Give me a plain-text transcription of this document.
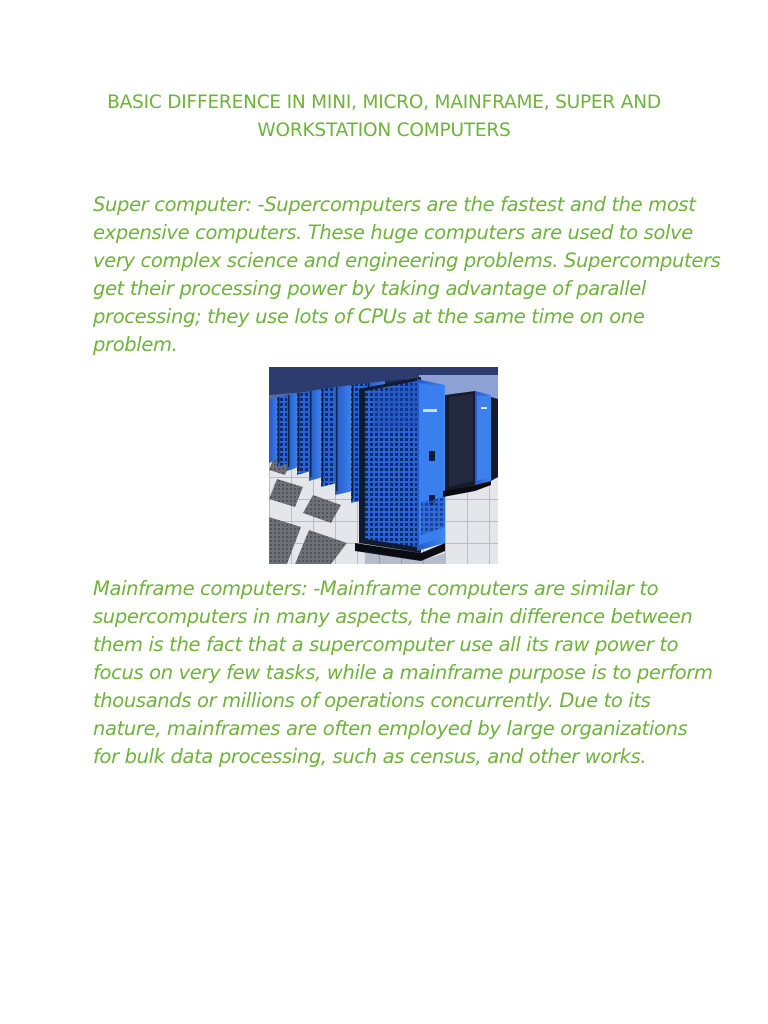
BASIC DIFFERENCE IN MINI, MICRO, MAINFRAME, SUPER AND
WORKSTATION COMPUTERS

Super computer: -Supercomputers are the fastest and the most
expensive computers. These huge computers are used to solve
very complex science and engineering problems. Supercomputers
get their processing power by taking advantage of parallel
processing; they use lots of CPUs at the same time on one
problem.

Mainframe computers: -Mainframe computers are similar to
supercomputers in many aspects, the main difference between
them is the fact that a supercomputer use all its raw power to
focus on very few tasks, while a mainframe purpose is to perform
thousands or millions of operations concurrently. Due to its
nature, mainframes are often employed by large organizations
for bulk data processing, such as census, and other works.
